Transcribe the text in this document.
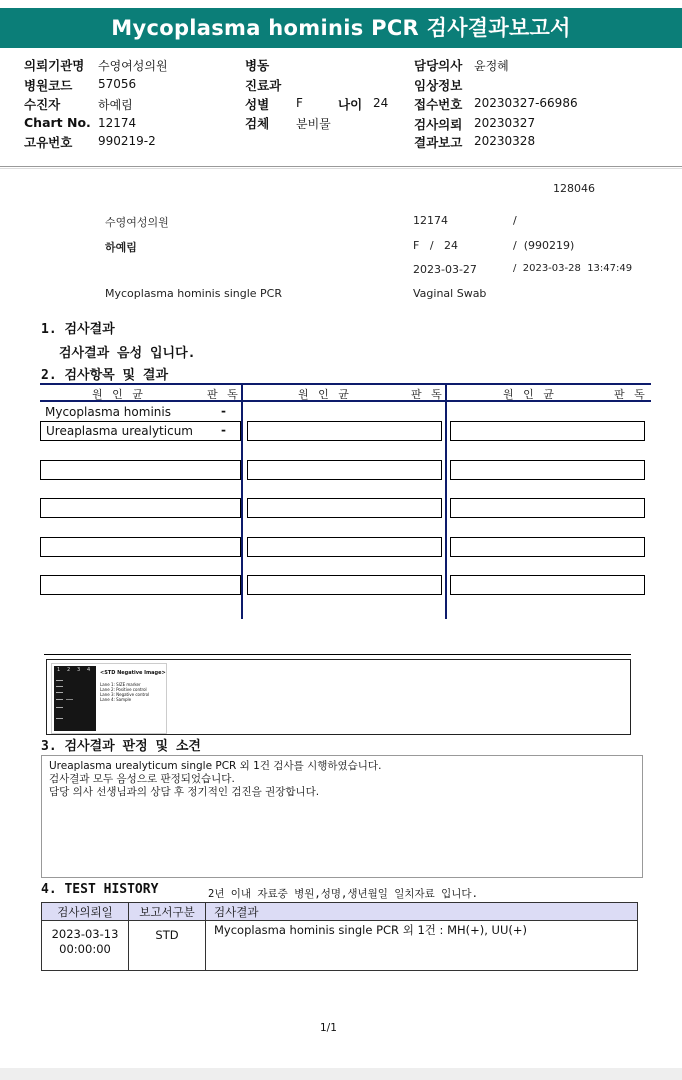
Mycoplasma hominis PCR 검사결과보고서
의뢰기관명 수영여성의원	병동	담당의사 윤정혜
병원코드 57056	진료과	임상정보
수진자	하예림	성별 F	나이 24 접수번호 20230327-66986
Chart No. 12174	검체 분비물	검사의뢰 20230327
고유번호 990219-2	결과보고 20230328
128046
수영여성의원	12174	/
하예림	F   /   24	/  (990219)
2023-03-27	/  2023-03-28  13:47:49
Mycoplasma hominis single PCR	Vaginal Swab
1. 검사결과
검사결과 음성 입니다.
2. 검사항목 및 결과
원 인 균	판 독	원 인 균	판 독	원 인 균	판 독
Mycoplasma hominis	-
Ureaplasma urealyticum -
1 2 3 4 <STD Negative Image>
Lane 1: SIZE marker
Lane 2: Positive control
Lane 3: Negative control
Lane 4: Sample
3. 검사결과 판정 및 소견
Ureaplasma urealyticum single PCR 외 1건 검사를 시행하였습니다.
검사결과 모두 음성으로 판정되었습니다.
담당 의사 선생님과의 상담 후 정기적인 검진을 권장합니다.
4. TEST HISTORY	2년 이내 자료중 병원,성명,생년월일 일치자료 입니다.
검사의뢰일	보고서구분	검사결과

2023-03-13
00:00:00	STD	Mycoplasma hominis single PCR 외 1건 : MH(+), UU(+)
1/1
